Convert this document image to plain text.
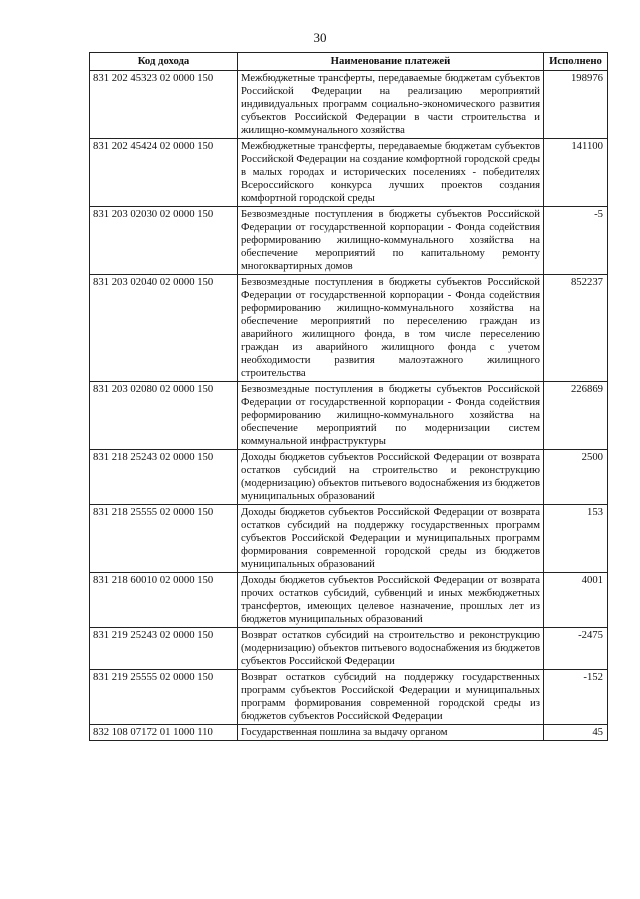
30
Код дохода	Наименование платежей	Исполнено
831 202 45323 02 0000 150	Межбюджетные трансферты, передаваемые бюджетам субъектов Российской Федерации на реализацию мероприятий индивидуальных программ социально-экономического развития субъектов Российской Федерации в части строительства и жилищно-коммунального хозяйства	198976
831 202 45424 02 0000 150	Межбюджетные трансферты, передаваемые бюджетам субъектов Российской Федерации на создание комфортной городской среды в малых городах и исторических поселениях - победителях Всероссийского конкурса лучших проектов создания комфортной городской среды	141100
831 203 02030 02 0000 150	Безвозмездные поступления в бюджеты субъектов Российской Федерации от государственной корпорации - Фонда содействия реформированию жилищно-коммунального хозяйства на обеспечение мероприятий по капитальному ремонту многоквартирных домов	-5
831 203 02040 02 0000 150	Безвозмездные поступления в бюджеты субъектов Российской Федерации от государственной корпорации - Фонда содействия реформированию жилищно-коммунального хозяйства на обеспечение мероприятий по переселению граждан из аварийного жилищного фонда, в том числе переселению граждан из аварийного жилищного фонда с учетом необходимости развития малоэтажного жилищного строительства	852237
831 203 02080 02 0000 150	Безвозмездные поступления в бюджеты субъектов Российской Федерации от государственной корпорации - Фонда содействия реформированию жилищно-коммунального хозяйства на обеспечение мероприятий по модернизации систем коммунальной инфраструктуры	226869
831 218 25243 02 0000 150	Доходы бюджетов субъектов Российской Федерации от возврата остатков субсидий на строительство и реконструкцию (модернизацию) объектов питьевого водоснабжения из бюджетов муниципальных образований	2500
831 218 25555 02 0000 150	Доходы бюджетов субъектов Российской Федерации от возврата остатков субсидий на поддержку государственных программ субъектов Российской Федерации и муниципальных программ формирования современной городской среды из бюджетов муниципальных образований	153
831 218 60010 02 0000 150	Доходы бюджетов субъектов Российской Федерации от возврата прочих остатков субсидий, субвенций и иных межбюджетных трансфертов, имеющих целевое назначение, прошлых лет из бюджетов муниципальных образований	4001
831 219 25243 02 0000 150	Возврат остатков субсидий на строительство и реконструкцию (модернизацию) объектов питьевого водоснабжения из бюджетов субъектов Российской Федерации	-2475
831 219 25555 02 0000 150	Возврат остатков субсидий на поддержку государственных программ субъектов Российской Федерации и муниципальных программ формирования современной городской среды из бюджетов субъектов Российской Федерации	-152
832 108 07172 01 1000 110	Государственная пошлина за выдачу органом	45
